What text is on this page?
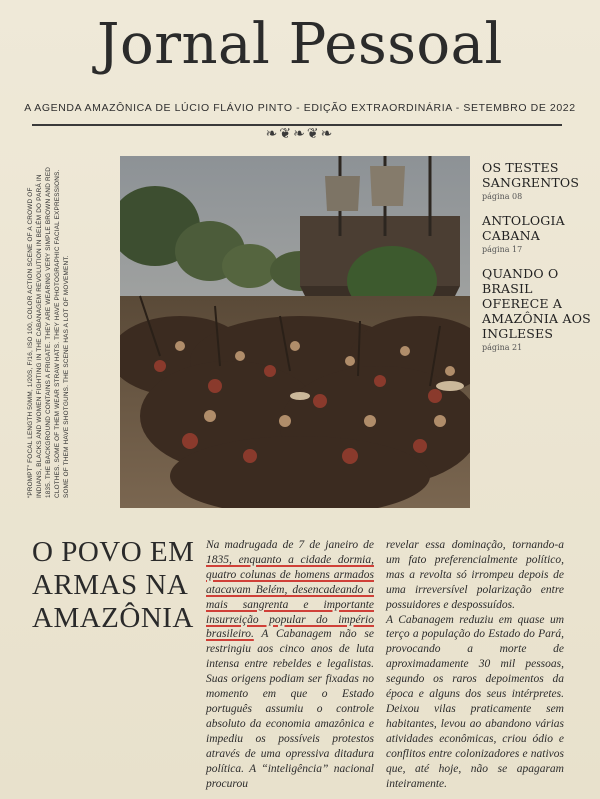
Jornal Pessoal
A AGENDA AMAZÔNICA DE LÚCIO FLÁVIO PINTO - EDIÇÃO EXTRAORDINÁRIA - SETEMBRO DE 2022
❧❦❧❦❧
“PROMPT” FOCAL LENGTH 50MM, 1/20S, F/16, ISO 100, COLOR ACTION SCENE OF A CROWD OF INDIANS, BLACKS AND WOMEN FIGHTING IN THE CABANAGEM REVOLUTION IN BELÉM DO PARÁ IN 1835. THE BACKGROUND CONTAINS A FRIGATE. THEY ARE WEARING VERY SIMPLE BROWN AND RED CLOTHES. SOME OF THEM WEAR STRAW HATS. THEY HAVE PHOTOGRAPHIC FACIAL EXPRESSIONS. SOME OF THEM HAVE SHOTGUNS. THE SCENE HAS A LOT OF MOVEMENT.
OS TESTES SANGRENTOS
página 08
ANTOLOGIA CABANA
página 17
QUANDO O BRASIL OFERECE A AMAZÔNIA AOS INGLESES
página 21
O POVO EM ARMAS NA AMAZÔNIA

Na madrugada de 7 de janeiro de 1835, enquanto a cidade dormia, quatro colunas de homens armados atacavam Belém, desencadeando a mais sangrenta e importante insurreição popular do império brasileiro. A Cabanagem não se restringiu aos cinco anos de luta intensa entre rebeldes e legalistas. Suas origens podiam ser fixadas no momento em que o Estado português assumiu o controle absoluto da economia amazônica e impediu os possíveis protestos através de uma opressiva ditadura política. A “inteligência” nacional procurou

revelar essa dominação, tornando-a um fato preferencialmente político, mas a revolta só irrompeu depois de uma irreversível polarização entre possuidores e despossuídos.

A Cabanagem reduziu em quase um terço a população do Estado do Pará, provocando a morte de aproximadamente 30 mil pessoas, segundo os raros depoimentos da época e alguns dos seus intérpretes. Deixou vilas praticamente sem habitantes, levou ao abandono várias atividades econômicas, criou ódio e conflitos entre colonizadores e nativos que, até hoje, não se apagaram inteiramente.
